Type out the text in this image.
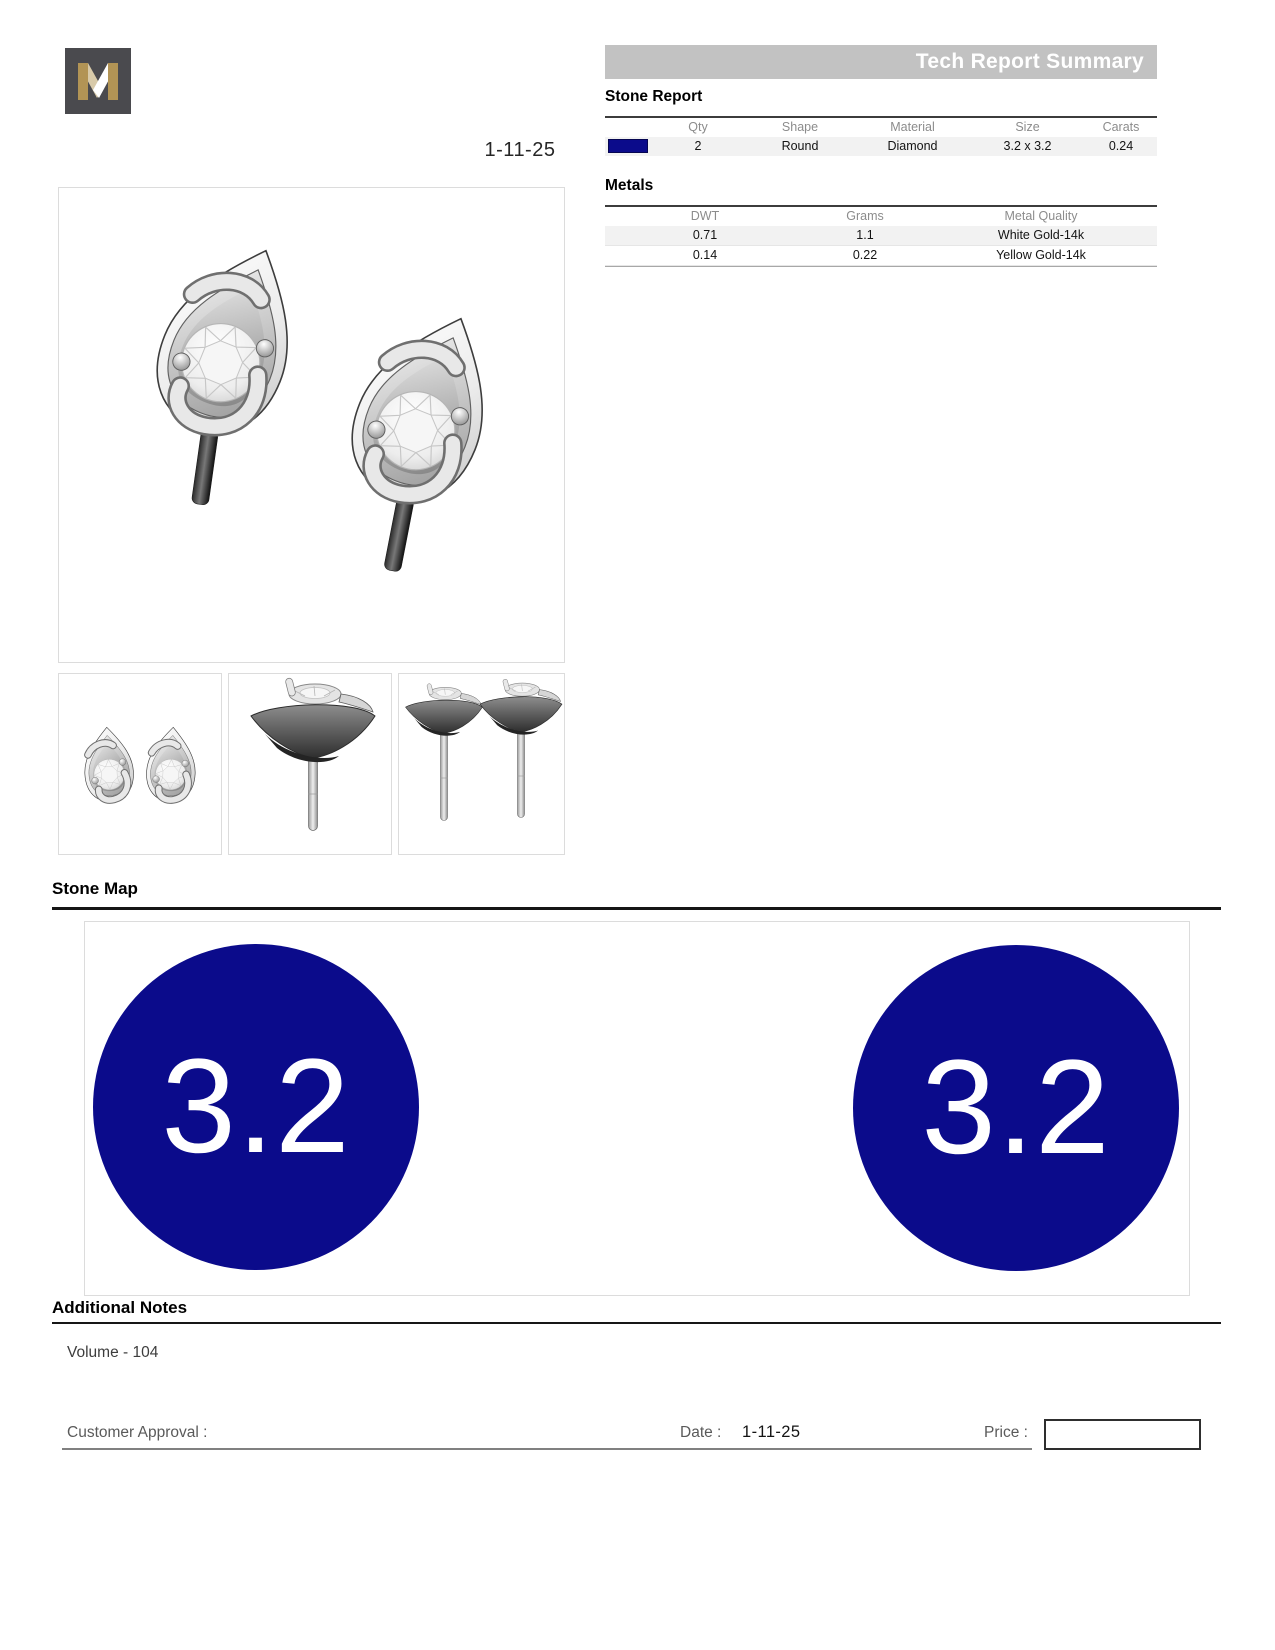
Tech Report Summary
Stone Report
Qty	Shape	Material	Size	Carats
2	Round	Diamond	3.2 x 3.2	0.24
1-11-25
Metals
DWT	Grams	Metal Quality
0.71	1.1	White Gold-14k
0.14	0.22	Yellow Gold-14k
Stone Map
3.2	3.2
Additional Notes
Volume - 104
Customer Approval :	Date : 1-11-25	Price :
